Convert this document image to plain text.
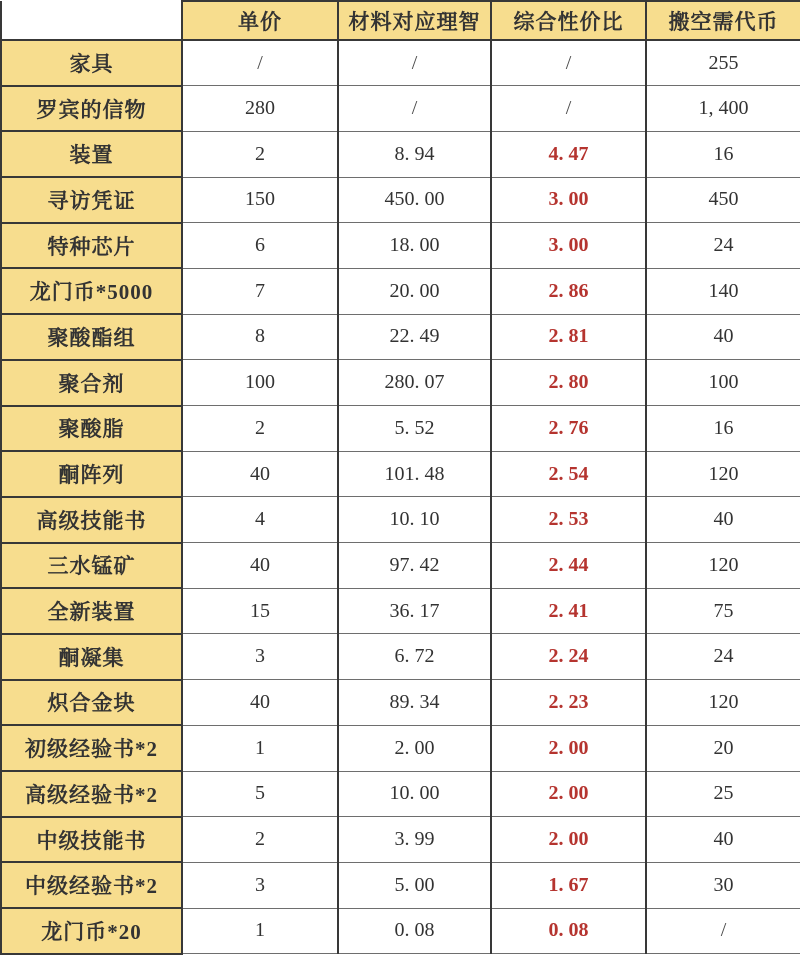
	单价	材料对应理智	综合性价比	搬空需代币
家具	/	/	/	255
罗宾的信物	280	/	/	1, 400
装置	2	8. 94	4. 47	16
寻访凭证	150	450. 00	3. 00	450
特种芯片	6	18. 00	3. 00	24
龙门币*5000	7	20. 00	2. 86	140
聚酸酯组	8	22. 49	2. 81	40
聚合剂	100	280. 07	2. 80	100
聚酸脂	2	5. 52	2. 76	16
酮阵列	40	101. 48	2. 54	120
高级技能书	4	10. 10	2. 53	40
三水锰矿	40	97. 42	2. 44	120
全新装置	15	36. 17	2. 41	75
酮凝集	3	6. 72	2. 24	24
炽合金块	40	89. 34	2. 23	120
初级经验书*2	1	2. 00	2. 00	20
高级经验书*2	5	10. 00	2. 00	25
中级技能书	2	3. 99	2. 00	40
中级经验书*2	3	5. 00	1. 67	30
龙门币*20	1	0. 08	0. 08	/
